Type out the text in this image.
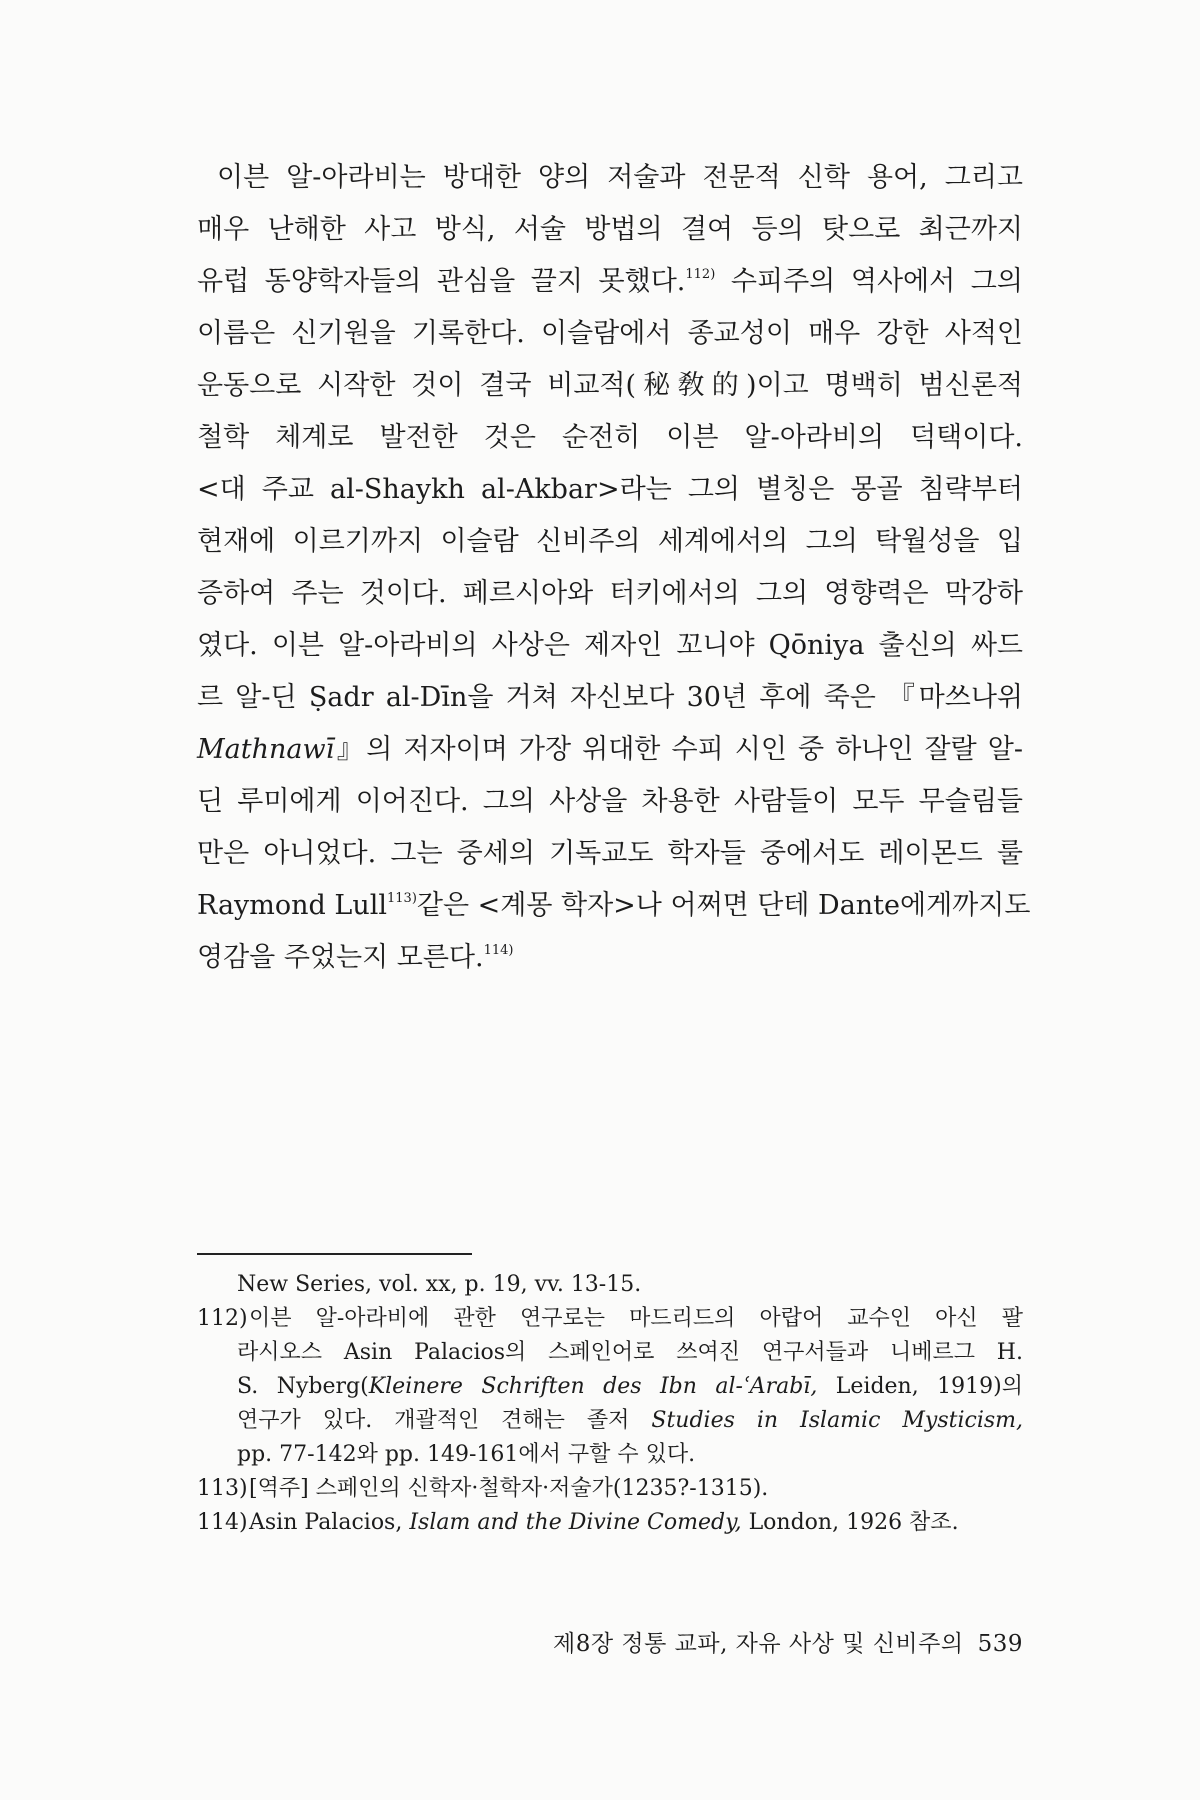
이븐 알-아라비는 방대한 양의 저술과 전문적 신학 용어, 그리고
매우 난해한 사고 방식, 서술 방법의 결여 등의 탓으로 최근까지
유럽 동양학자들의 관심을 끌지 못했다.$^{112)}$ 수피주의 역사에서 그의
이름은 신기원을 기록한다. 이슬람에서 종교성이 매우 강한 사적인
운동으로 시작한 것이 결국 비교적(秘敎的)이고 명백히 범신론적
철학 체계로 발전한 것은 순전히 이븐 알-아라비의 덕택이다.
<대 주교 al-Shaykh al-Akbar>라는 그의 별칭은 몽골 침략부터
현재에 이르기까지 이슬람 신비주의 세계에서의 그의 탁월성을 입
증하여 주는 것이다. 페르시아와 터키에서의 그의 영향력은 막강하
였다. 이븐 알-아라비의 사상은 제자인 꼬니야 Qōniya 출신의 싸드
르 알-딘 Ṣadr al-Dīn을 거쳐 자신보다 30년 후에 죽은 『마쓰나위
Mathnawī』의 저자이며 가장 위대한 수피 시인 중 하나인 잘랄 알-
딘 루미에게 이어진다. 그의 사상을 차용한 사람들이 모두 무슬림들
만은 아니었다. 그는 중세의 기독교도 학자들 중에서도 레이몬드 룰
Raymond Lull$^{113)}$같은 <계몽 학자>나 어쩌면 단테 Dante에게까지도
영감을 주었는지 모른다.$^{114)}$
New Series, vol. xx, p. 19, vv. 13-15.
112)이븐 알-아라비에 관한 연구로는 마드리드의 아랍어 교수인 아신 팔
라시오스 Asin Palacios의 스페인어로 쓰여진 연구서들과 니베르그 H.
S. Nyberg(Kleinere Schriften des Ibn al-ʿArabī, Leiden, 1919)의
연구가 있다. 개괄적인 견해는 졸저 Studies in Islamic Mysticism,
pp. 77-142와 pp. 149-161에서 구할 수 있다.
113)[역주] 스페인의 신학자·철학자·저술가(1235?-1315).
114)Asin Palacios, Islam and the Divine Comedy, London, 1926 참조.
제8장 정통 교파, 자유 사상 및 신비주의 539
